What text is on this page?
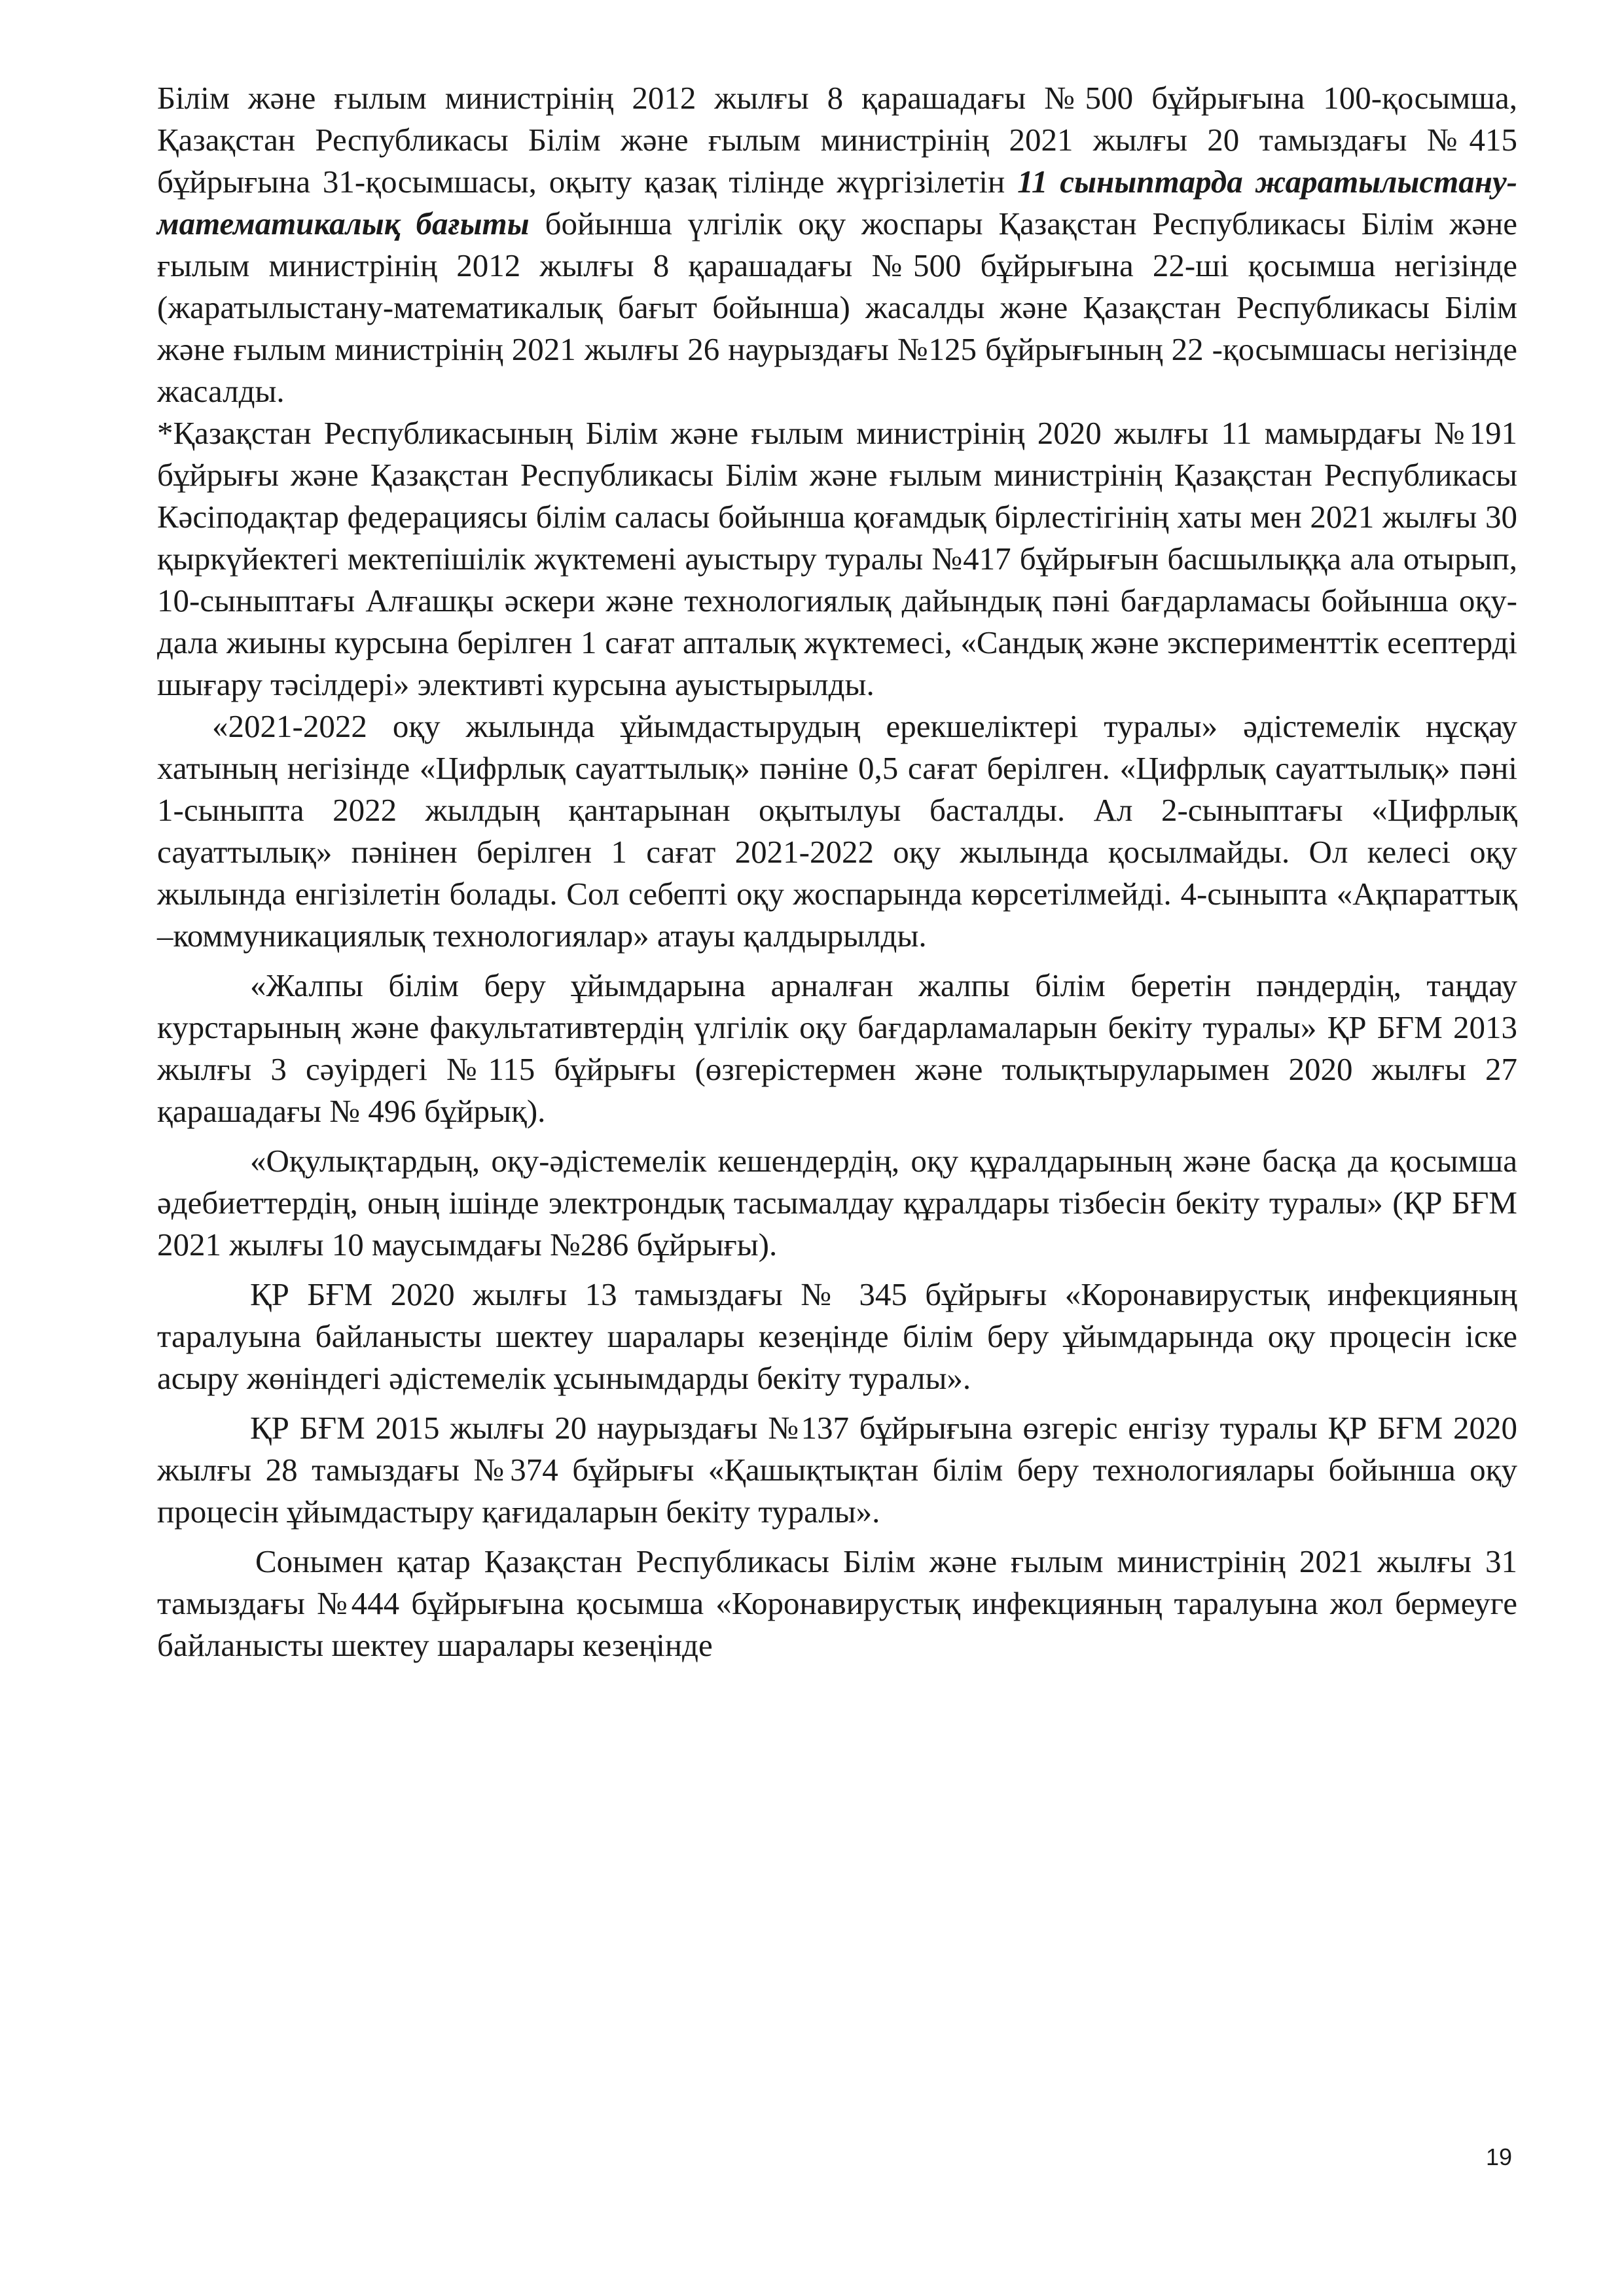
Білім және ғылым министрінің 2012 жылғы 8 қарашадағы №500 бұйрығына 100-қосымша, Қазақстан Республикасы Білім және ғылым министрінің 2021 жылғы 20 тамыздағы №415 бұйрығына 31-қосымшасы, оқыту қазақ тілінде жүргізілетін 11 сыныптарда жаратылыстану-математикалық бағыты бойынша үлгілік оқу жоспары Қазақстан Республикасы Білім және ғылым министрінің 2012 жылғы 8 қарашадағы №500 бұйрығына 22-ші қосымша негізінде (жаратылыстану-математикалық бағыт бойынша) жасалды және Қазақстан Республикасы Білім және ғылым министрінің 2021 жылғы 26 наурыздағы №125 бұйрығының 22 -қосымшасы негізінде жасалды.

*Қазақстан Республикасының Білім және ғылым министрінің 2020 жылғы 11 мамырдағы №191 бұйрығы және Қазақстан Республикасы Білім және ғылым министрінің Қазақстан Республикасы Кәсіподақтар федерациясы білім саласы бойынша қоғамдық бірлестігінің хаты мен 2021 жылғы 30 қыркүйектегі мектепішілік жүктемені ауыстыру туралы №417 бұйрығын басшылыққа ала отырып, 10-сыныптағы Алғашқы әскери және технологиялық дайындық пәні бағдарламасы бойынша оқу-дала жиыны курсына берілген 1 сағат апталық жүктемесі, «Сандық және эксперименттік есептерді шығару тәсілдері» элективті курсына ауыстырылды.

«2021-2022 оқу жылында ұйымдастырудың ерекшеліктері туралы» әдістемелік нұсқау хатының негізінде «Цифрлық сауаттылық» пәніне 0,5 сағат берілген. «Цифрлық сауаттылық» пәні 1-сыныпта 2022 жылдың қантарынан оқытылуы басталды. Ал 2-сыныптағы «Цифрлық сауаттылық» пәнінен берілген 1 сағат 2021-2022 оқу жылында қосылмайды. Ол келесі оқу жылында енгізілетін болады. Сол себепті оқу жоспарында көрсетілмейді. 4-сыныпта «Ақпараттық –коммуникациялық технологиялар» атауы қалдырылды.

«Жалпы білім беру ұйымдарына арналған жалпы білім беретін пәндердің, таңдау курстарының және факультативтердің үлгілік оқу бағдарламаларын бекіту туралы» ҚР БҒМ 2013 жылғы 3 сәуірдегі №115 бұйрығы (өзгерістермен және толықтыруларымен 2020 жылғы 27 қарашадағы № 496 бұйрық).

«Оқулықтардың, оқу-әдістемелік кешендердің, оқу құралдарының және басқа да қосымша әдебиеттердің, оның ішінде электрондық тасымалдау құралдары тізбесін бекіту туралы» (ҚР БҒМ 2021 жылғы 10 маусымдағы №286 бұйрығы).

ҚР БҒМ 2020 жылғы 13 тамыздағы № 345 бұйрығы «Коронавирустық инфекцияның таралуына байланысты шектеу шаралары кезеңінде білім беру ұйымдарында оқу процесін іске асыру жөніндегі әдістемелік ұсынымдарды бекіту туралы».

ҚР БҒМ 2015 жылғы 20 наурыздағы №137 бұйрығына өзгеріс енгізу туралы ҚР БҒМ 2020 жылғы 28 тамыздағы №374 бұйрығы «Қашықтықтан білім беру технологиялары бойынша оқу процесін ұйымдастыру қағидаларын бекіту туралы».

Сонымен қатар Қазақстан Республикасы Білім және ғылым министрінің 2021 жылғы 31 тамыздағы №444 бұйрығына қосымша «Коронавирустық инфекцияның таралуына жол бермеуге байланысты шектеу шаралары кезеңінде

19
